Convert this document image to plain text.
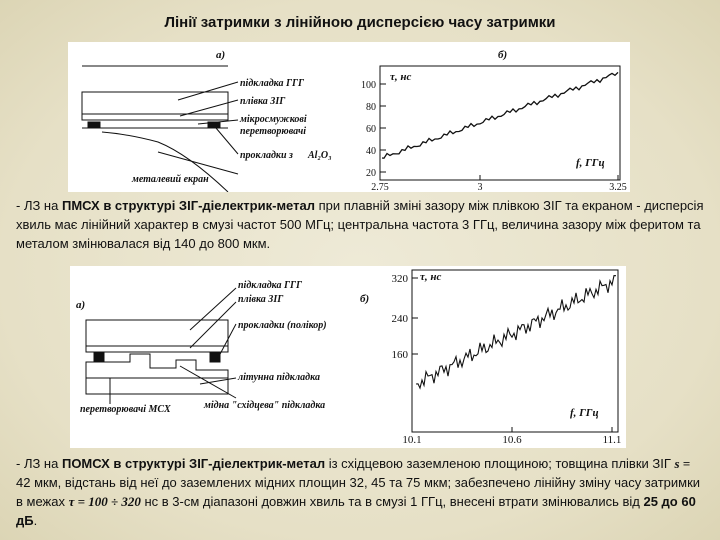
Лінії затримки з лінійною дисперсією часу затримки
а)
підкладка ГГГ
плівка ЗІГ
мікросмужкові
перетворювачі
прокладки з Al₂O₃
металевий екран
б)
20
40
60
80
100
2.75	3	3.25
τ, нс
f, ГГц
- ЛЗ на ПМСХ в структурі ЗІГ-діелектрик-метал при плавній зміні зазору між плівкою ЗІГ та екраном - дисперсія хвиль має лінійний характер в смузі частот 500 МГц; центральна частота 3 ГГц, величина зазору між феритом та металом змінювалася від 140 до 800 мкм.
а)
підкладка ГГГ
плівка ЗІГ
прокладки (полікор)
літунна підкладка
мідна "східцева" підкладка
перетворювачі МСХ
б)
160
240
320
10.1	10.6	11.1
τ, нс
f, ГГц
- ЛЗ на ПОМСХ в структурі ЗІГ-діелектрик-метал із східцевою заземленою площиною; товщина плівки ЗІГ s = 42 мкм, відстань від неї до заземлених мідних площин 32, 45 та 75 мкм; забезпечено лінійну зміну часу затримки в межах τ = 100 ÷ 320 нс в 3-см діапазоні довжин хвиль та в смузі 1 ГГц, внесені втрати змінювались від 25 до 60 дБ.
